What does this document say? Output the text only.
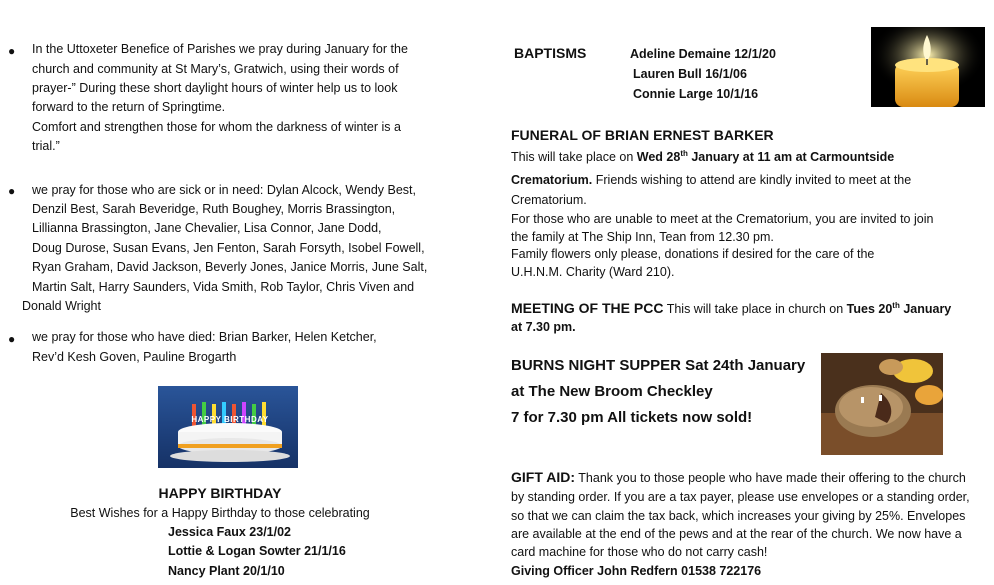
● In the Uttoxeter Benefice of Parishes we pray during January for the
church and community at St Mary’s, Gratwich, using their words of
prayer-” During these short daylight hours of winter help us to look
forward to the return of Springtime.
Comfort and strengthen those for whom the darkness of winter is a
trial.”
● we pray for those who are sick or in need: Dylan Alcock, Wendy Best,
Denzil Best, Sarah Beveridge, Ruth Boughey, Morris Brassington,
Lillianna Brassington, Jane Chevalier, Lisa Connor, Jane Dodd,
Doug Durose, Susan Evans, Jen Fenton, Sarah Forsyth, Isobel Fowell,
Ryan Graham, David Jackson, Beverly Jones, Janice Morris, June Salt,
Martin Salt, Harry Saunders, Vida Smith, Rob Taylor, Chris Viven and
Donald Wright
● we pray for those who have died: Brian Barker, Helen Ketcher,
Rev’d Kesh Goven, Pauline Brogarth
HAPPY BIRTHDAY
HAPPY BIRTHDAY
Best Wishes for a Happy Birthday to those celebrating
Jessica Faux 23/1/02
Lottie & Logan Sowter 21/1/16
Nancy Plant 20/1/10
BAPTISMS	Adeline Demaine 12/1/20
Lauren Bull 16/1/06
Connie Large 10/1/16
FUNERAL OF BRIAN ERNEST BARKER
This will take place on Wed 28th January at 11 am at Carmountside
Crematorium. Friends wishing to attend are kindly invited to meet at the
Crematorium.
For those who are unable to meet at the Crematorium, you are invited to join
the family at The Ship Inn, Tean from 12.30 pm.
Family flowers only please, donations if desired for the care of the
U.H.N.M. Charity (Ward 210).
MEETING OF THE PCC This will take place in church on Tues 20th January
at 7.30 pm.
BURNS NIGHT SUPPER Sat 24th January
at The New Broom Checkley
7 for 7.30 pm All tickets now sold!
GIFT AID: Thank you to those people who have made their offering to the church
by standing order. If you are a tax payer, please use envelopes or a standing order,
so that we can claim the tax back, which increases your giving by 25%. Envelopes
are available at the end of the pews and at the rear of the church. We now have a
card machine for those who do not carry cash!
Giving Officer John Redfern 01538 722176
